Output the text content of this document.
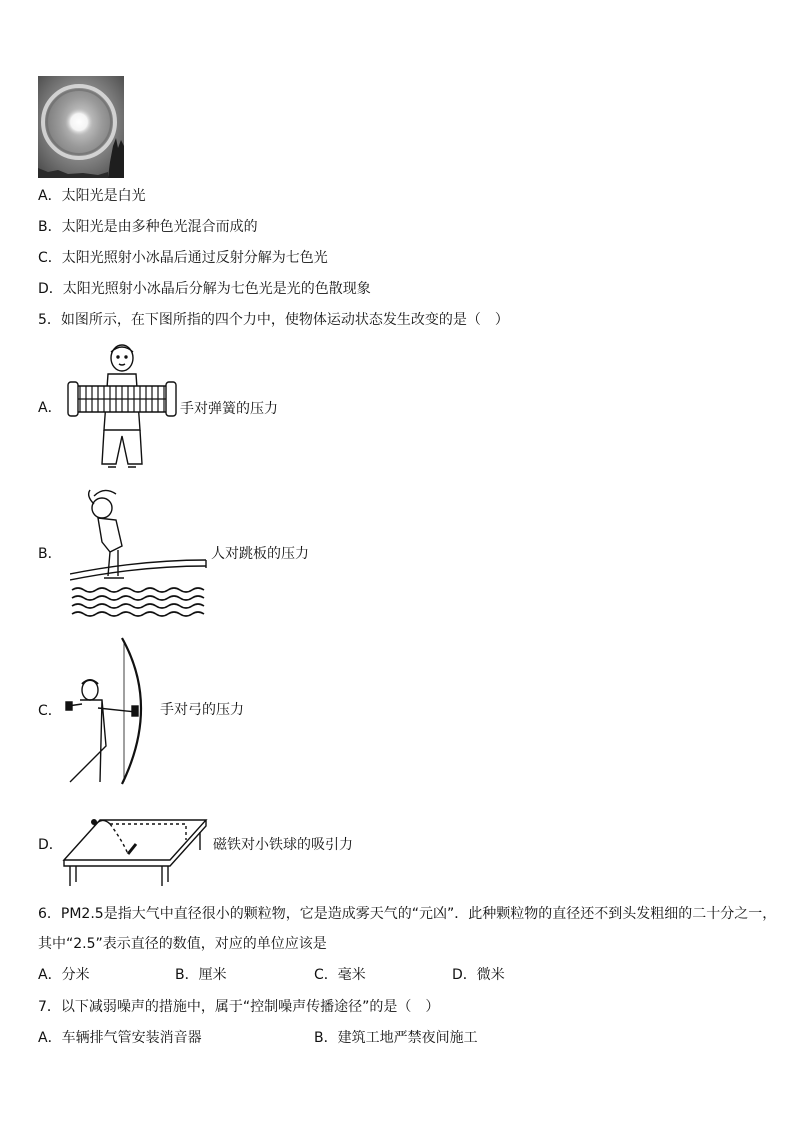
A．太阳光是白光
B．太阳光是由多种色光混合而成的
C．太阳光照射小冰晶后通过反射分解为七色光
D．太阳光照射小冰晶后分解为七色光是光的色散现象
5．如图所示，在下图所指的四个力中，使物体运动状态发生改变的是（　）
A．	手对弹簧的压力
B．	人对跳板的压力
C．	手对弓的压力
D．	磁铁对小铁球的吸引力
6．PM2.5是指大气中直径很小的颗粒物，它是造成雾天气的“元凶”．此种颗粒物的直径还不到头发粗细的二十分之一，
其中“2.5”表示直径的数值，对应的单位应该是
A．分米	B．厘米	C．毫米	D．微米
7．以下减弱噪声的措施中，属于“控制噪声传播途径”的是（　）
A．车辆排气管安装消音器	B．建筑工地严禁夜间施工
